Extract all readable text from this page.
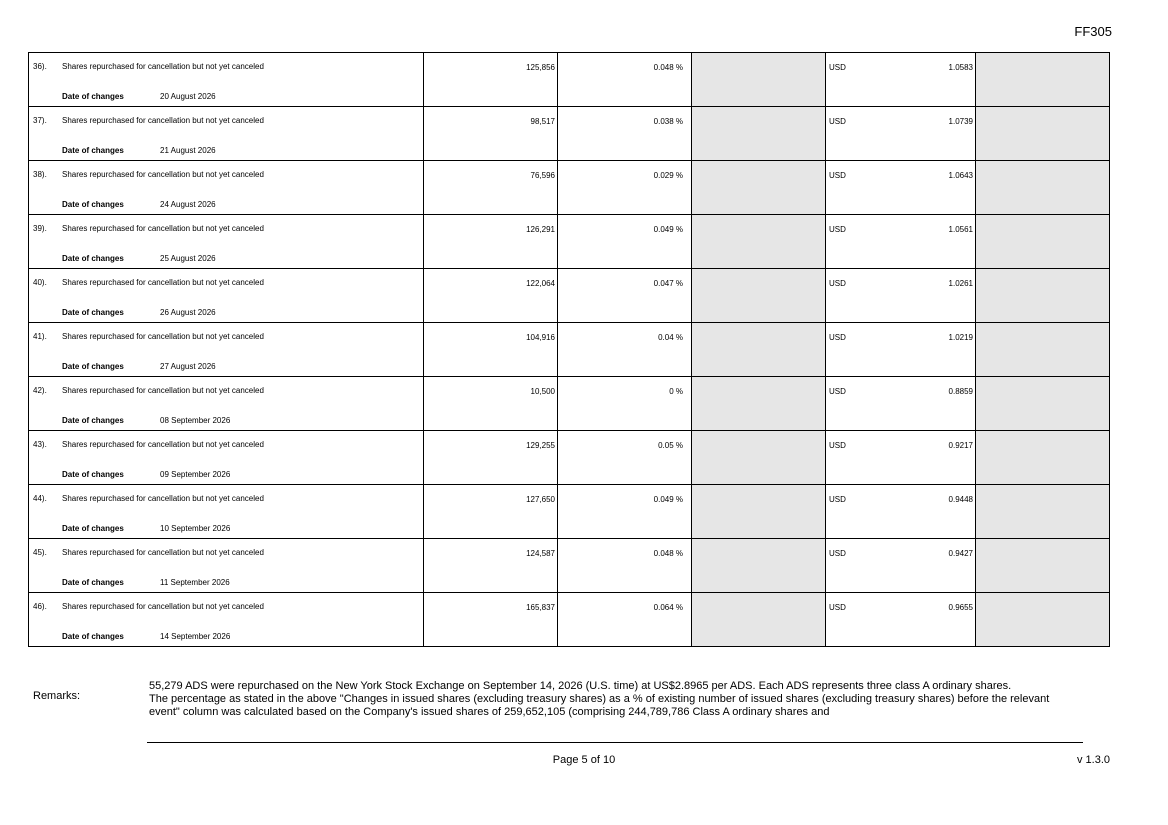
FF305
36). Shares repurchased for cancellation but not yet canceled
Date of changes	20 August 2026
125,856	0.048 %	USD	1.0583
37). Shares repurchased for cancellation but not yet canceled
Date of changes	21 August 2026
98,517	0.038 %	USD	1.0739
38). Shares repurchased for cancellation but not yet canceled
Date of changes	24 August 2026
76,596	0.029 %	USD	1.0643
39). Shares repurchased for cancellation but not yet canceled
Date of changes	25 August 2026
126,291	0.049 %	USD	1.0561
40). Shares repurchased for cancellation but not yet canceled
Date of changes	26 August 2026
122,064	0.047 %	USD	1.0261
41). Shares repurchased for cancellation but not yet canceled
Date of changes	27 August 2026
104,916	0.04 %	USD	1.0219
42). Shares repurchased for cancellation but not yet canceled
Date of changes	08 September 2026
10,500	0 %	USD	0.8859
43). Shares repurchased for cancellation but not yet canceled
Date of changes	09 September 2026
129,255	0.05 %	USD	0.9217
44). Shares repurchased for cancellation but not yet canceled
Date of changes	10 September 2026
127,650	0.049 %	USD	0.9448
45). Shares repurchased for cancellation but not yet canceled
Date of changes	11 September 2026
124,587	0.048 %	USD	0.9427
46). Shares repurchased for cancellation but not yet canceled
Date of changes	14 September 2026
165,837	0.064 %	USD	0.9655
Remarks:

55,279 ADS were repurchased on the New York Stock Exchange on September 14, 2026 (U.S. time) at US$2.8965 per ADS. Each ADS represents three class A ordinary shares.

The percentage as stated in the above "Changes in issued shares (excluding treasury shares) as a % of existing number of issued shares (excluding treasury shares) before the relevant event" column was calculated based on the Company's issued shares of 259,652,105 (comprising 244,789,786 Class A ordinary shares and

Page 5 of 10	v 1.3.0
